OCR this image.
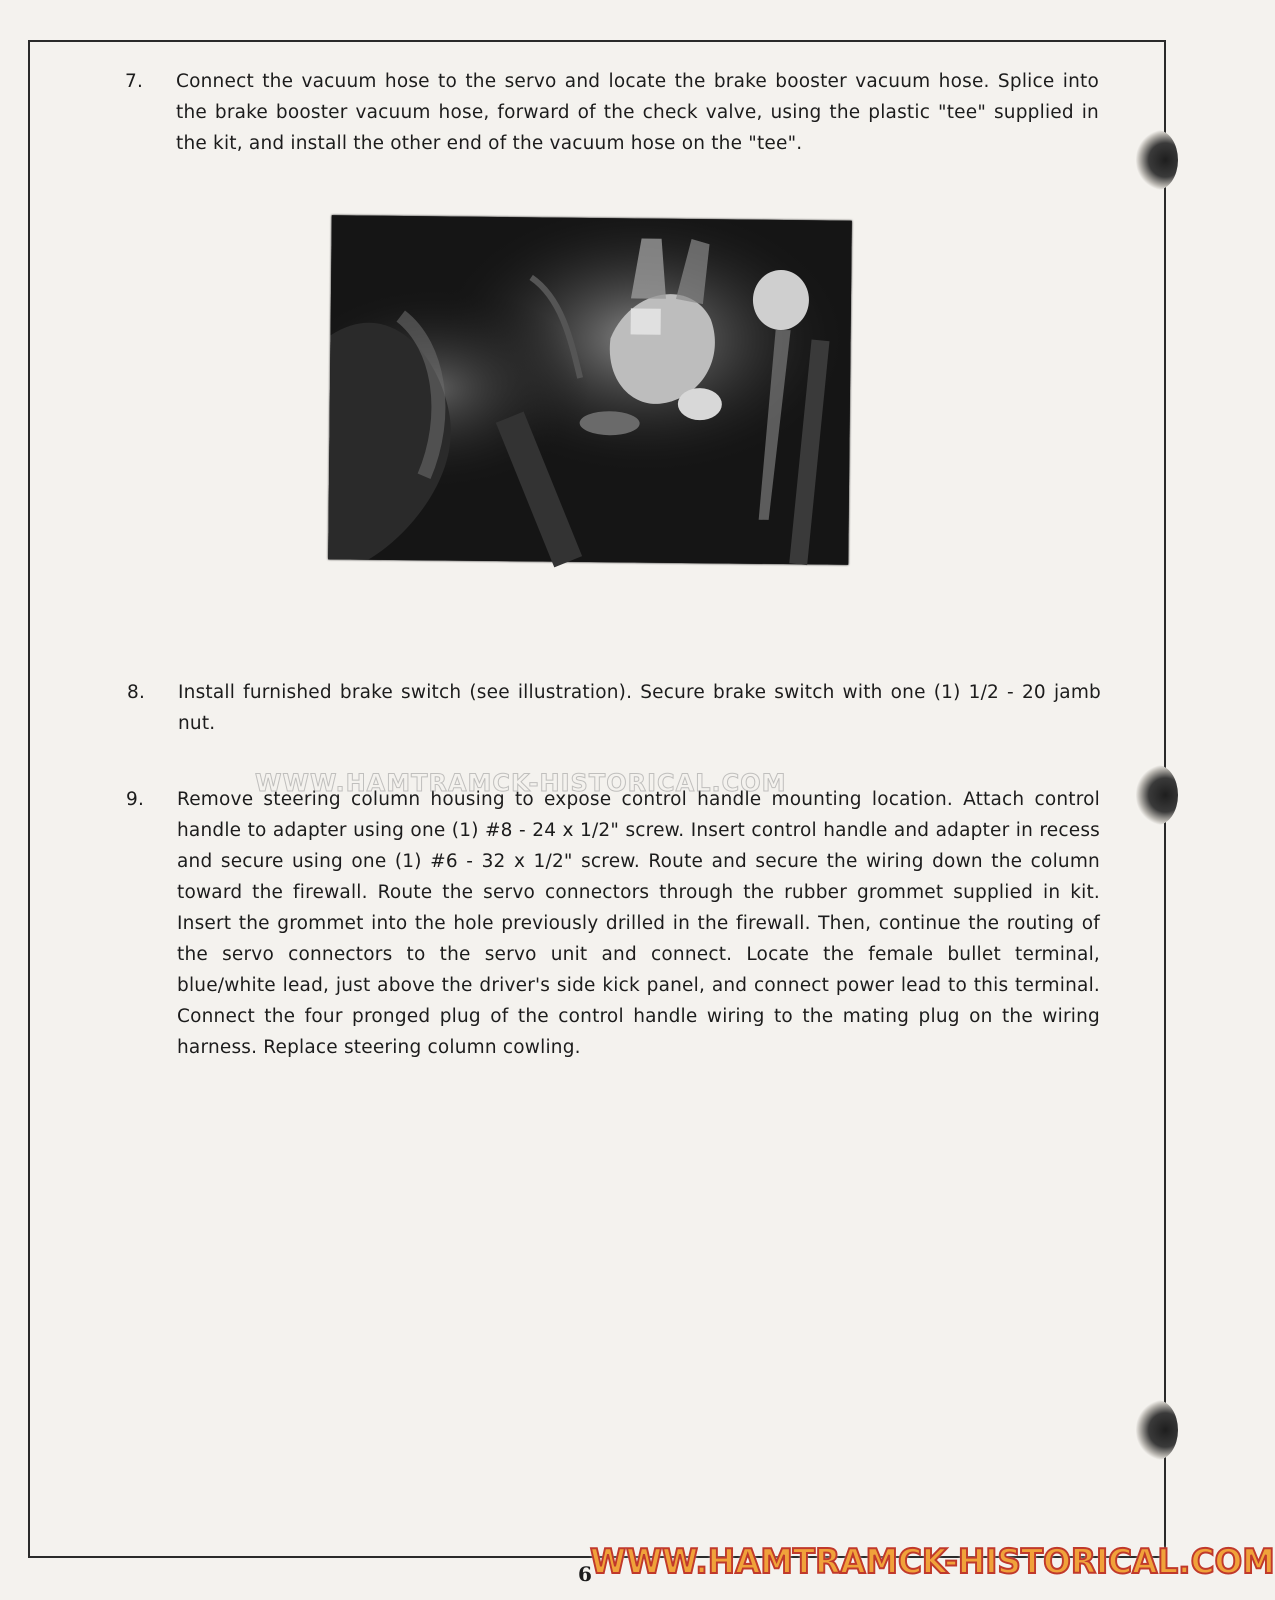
7.	Connect the vacuum hose to the servo and locate the brake booster vacuum hose. Splice into the brake booster vacuum hose, forward of the check valve, using the plastic "tee" supplied in the kit, and install the other end of the vacuum hose on the "tee".
8.	Install furnished brake switch (see illustration). Secure brake switch with one (1) 1/2 - 20 jamb nut.
9.	Remove steering column housing to expose control handle mounting location. Attach control handle to adapter using one (1) #8 - 24 x 1/2" screw. Insert control handle and adapter in recess and secure using one (1) #6 - 32 x 1/2" screw. Route and secure the wiring down the column toward the firewall. Route the servo connectors through the rubber grommet supplied in kit. Insert the grommet into the hole previously drilled in the firewall. Then, continue the routing of the servo connectors to the servo unit and connect. Locate the female bullet terminal, blue/white lead, just above the driver's side kick panel, and connect power lead to this terminal. Connect the four pronged plug of the control handle wiring to the mating plug on the wiring harness. Replace steering column cowling.
WWW.HAMTRAMCK-HISTORICAL.COM
6
WWW.HAMTRAMCK-HISTORICAL.COM
